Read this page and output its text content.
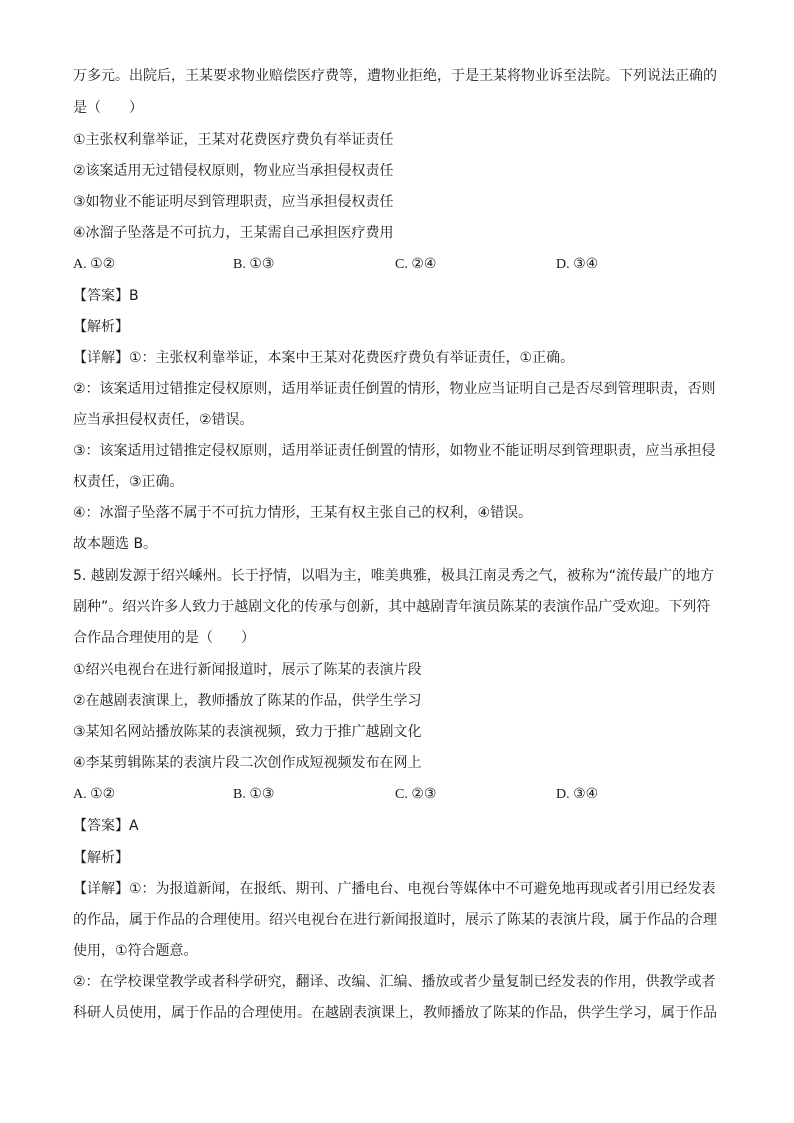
万多元。出院后，王某要求物业赔偿医疗费等，遭物业拒绝，于是王某将物业诉至法院。下列说法正确的
是（　　）
①主张权利靠举证，王某对花费医疗费负有举证责任
②该案适用无过错侵权原则，物业应当承担侵权责任
③如物业不能证明尽到管理职责，应当承担侵权责任
④冰溜子坠落是不可抗力，王某需自己承担医疗费用
A. ①②	B. ①③	C. ②④	D. ③④
【答案】B
【解析】
【详解】①：主张权利靠举证，本案中王某对花费医疗费负有举证责任，①正确。
②：该案适用过错推定侵权原则，适用举证责任倒置的情形，物业应当证明自己是否尽到管理职责，否则
应当承担侵权责任，②错误。
③：该案适用过错推定侵权原则，适用举证责任倒置的情形，如物业不能证明尽到管理职责，应当承担侵
权责任，③正确。
④：冰溜子坠落不属于不可抗力情形，王某有权主张自己的权利，④错误。
故本题选 B。
5. 越剧发源于绍兴嵊州。长于抒情，以唱为主，唯美典雅，极具江南灵秀之气，被称为“流传最广的地方
剧种”。绍兴许多人致力于越剧文化的传承与创新，其中越剧青年演员陈某的表演作品广受欢迎。下列符
合作品合理使用的是（　　）
①绍兴电视台在进行新闻报道时，展示了陈某的表演片段
②在越剧表演课上，教师播放了陈某的作品，供学生学习
③某知名网站播放陈某的表演视频，致力于推广越剧文化
④李某剪辑陈某的表演片段二次创作成短视频发布在网上
A. ①②	B. ①③	C. ②③	D. ③④
【答案】A
【解析】
【详解】①：为报道新闻，在报纸、期刊、广播电台、电视台等媒体中不可避免地再现或者引用已经发表
的作品，属于作品的合理使用。绍兴电视台在进行新闻报道时，展示了陈某的表演片段，属于作品的合理
使用，①符合题意。
②：在学校课堂教学或者科学研究，翻译、改编、汇编、播放或者少量复制已经发表的作用，供教学或者
科研人员使用，属于作品的合理使用。在越剧表演课上，教师播放了陈某的作品，供学生学习，属于作品
